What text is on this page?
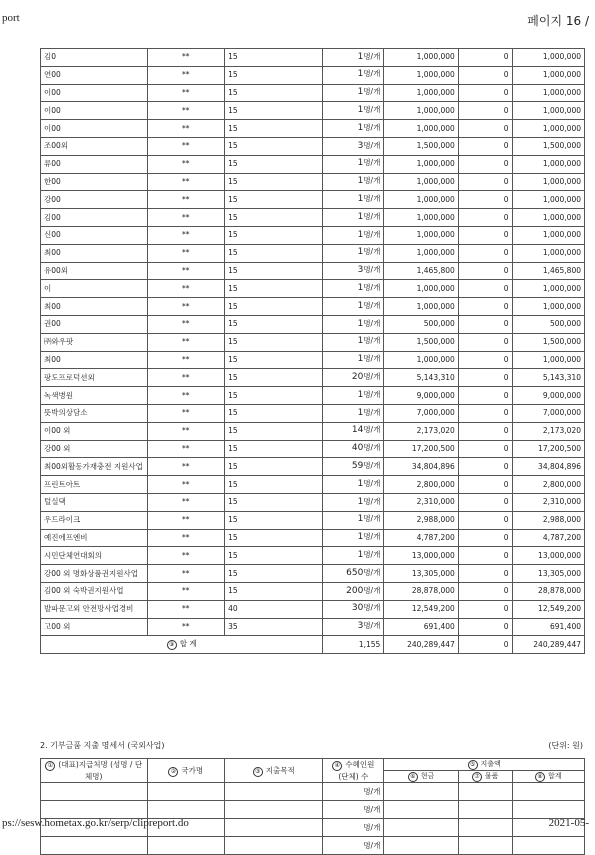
port	페이지 16 /
김0	**	15	1명/개	1,000,000	0	1,000,000
연00	**	15	1명/개	1,000,000	0	1,000,000
이00	**	15	1명/개	1,000,000	0	1,000,000
이00	**	15	1명/개	1,000,000	0	1,000,000
이00	**	15	1명/개	1,000,000	0	1,000,000
조00외	**	15	3명/개	1,500,000	0	1,500,000
류00	**	15	1명/개	1,000,000	0	1,000,000
한00	**	15	1명/개	1,000,000	0	1,000,000
강00	**	15	1명/개	1,000,000	0	1,000,000
김00	**	15	1명/개	1,000,000	0	1,000,000
신00	**	15	1명/개	1,000,000	0	1,000,000
최00	**	15	1명/개	1,000,000	0	1,000,000
유00외	**	15	3명/개	1,465,800	0	1,465,800
이	**	15	1명/개	1,000,000	0	1,000,000
최00	**	15	1명/개	1,000,000	0	1,000,000
권00	**	15	1명/개	500,000	0	500,000
㈜와우팟	**	15	1명/개	1,500,000	0	1,500,000
최00	**	15	1명/개	1,000,000	0	1,000,000
팡도프로덕션외	**	15	20명/개	5,143,310	0	5,143,310
녹색병원	**	15	1명/개	9,000,000	0	9,000,000
뜻박의상담소	**	15	1명/개	7,000,000	0	7,000,000
이00 외	**	15	14명/개	2,173,020	0	2,173,020
강00 외	**	15	40명/개	17,200,500	0	17,200,500
최00외활동가재충전 지원사업	**	15	59명/개	34,804,896	0	34,804,896
프린트아트	**	15	1명/개	2,800,000	0	2,800,000
털실댁	**	15	1명/개	2,310,000	0	2,310,000
우드라이크	**	15	1명/개	2,988,000	0	2,988,000
예진에프엔비	**	15	1명/개	4,787,200	0	4,787,200
시민단체연대회의	**	15	1명/개	13,000,000	0	13,000,000
강00 외 명화상품권지원사업	**	15	650명/개	13,305,000	0	13,305,000
김00 외 숙박권지원사업	**	15	200명/개	28,878,000	0	28,878,000
발파문고외 안전망사업경비	**	40	30명/개	12,549,200	0	12,549,200
고00 외	**	35	3명/개	691,400	0	691,400
⑨ 합 계			1,155	240,289,447	0	240,289,447
2. 기부금품 지출 명세서 (국외사업)	(단위: 원)
① (대표)지급처명 (성명 / 단체명)	② 국가명	③ 지출목적	④ 수혜인원 (단체) 수	⑤ 지출액		
				⑥ 현금	⑦ 물품	⑧ 합계
			명/개			
			명/개			
			명/개			
			명/개			
ps://sesw.hometax.go.kr/serp/clipreport.do	2021-05-
